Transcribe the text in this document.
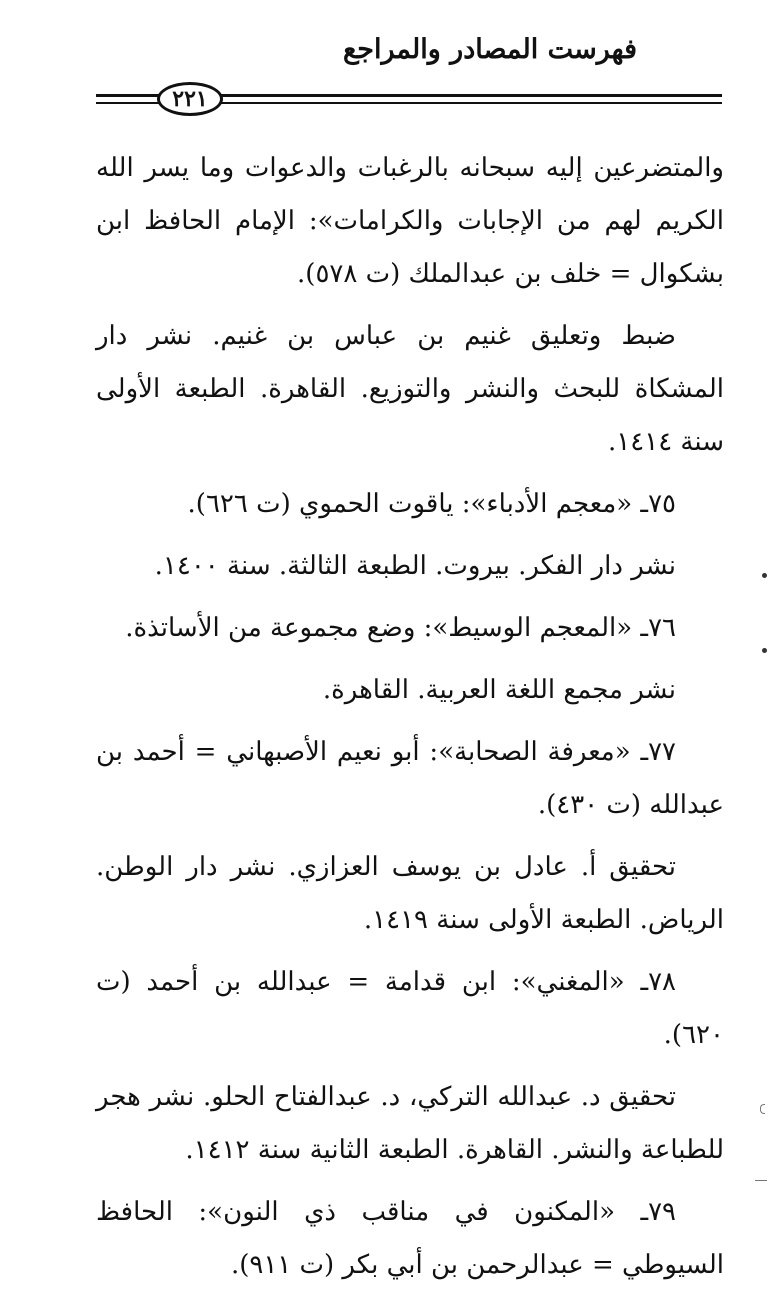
فهرست المصادر والمراجع
٢٢١

والمتضرعين إليه سبحانه بالرغبات والدعوات وما يسر الله الكريم لهم من الإجابات والكرامات»: الإمام الحافظ ابن بشكوال = خلف بن عبدالملك (ت ٥٧٨).

ضبط وتعليق غنيم بن عباس بن غنيم. نشر دار المشكاة للبحث والنشر والتوزيع. القاهرة. الطبعة الأولى سنة ١٤١٤.

٧٥ـ «معجم الأدباء»: ياقوت الحموي (ت ٦٢٦).

نشر دار الفكر. بيروت. الطبعة الثالثة. سنة ١٤٠٠.

٧٦ـ «المعجم الوسيط»: وضع مجموعة من الأساتذة.

نشر مجمع اللغة العربية. القاهرة.

٧٧ـ «معرفة الصحابة»: أبو نعيم الأصبهاني = أحمد بن عبدالله (ت ٤٣٠).

تحقيق أ. عادل بن يوسف العزازي. نشر دار الوطن. الرياض. الطبعة الأولى سنة ١٤١٩.

٧٨ـ «المغني»: ابن قدامة = عبدالله بن أحمد (ت ٦٢٠).

تحقيق د. عبدالله التركي، د. عبدالفتاح الحلو. نشر هجر للطباعة والنشر. القاهرة. الطبعة الثانية سنة ١٤١٢.

٧٩ـ «المكنون في مناقب ذي النون»: الحافظ السيوطي = عبدالرحمن بن أبي بكر (ت ٩١١).
